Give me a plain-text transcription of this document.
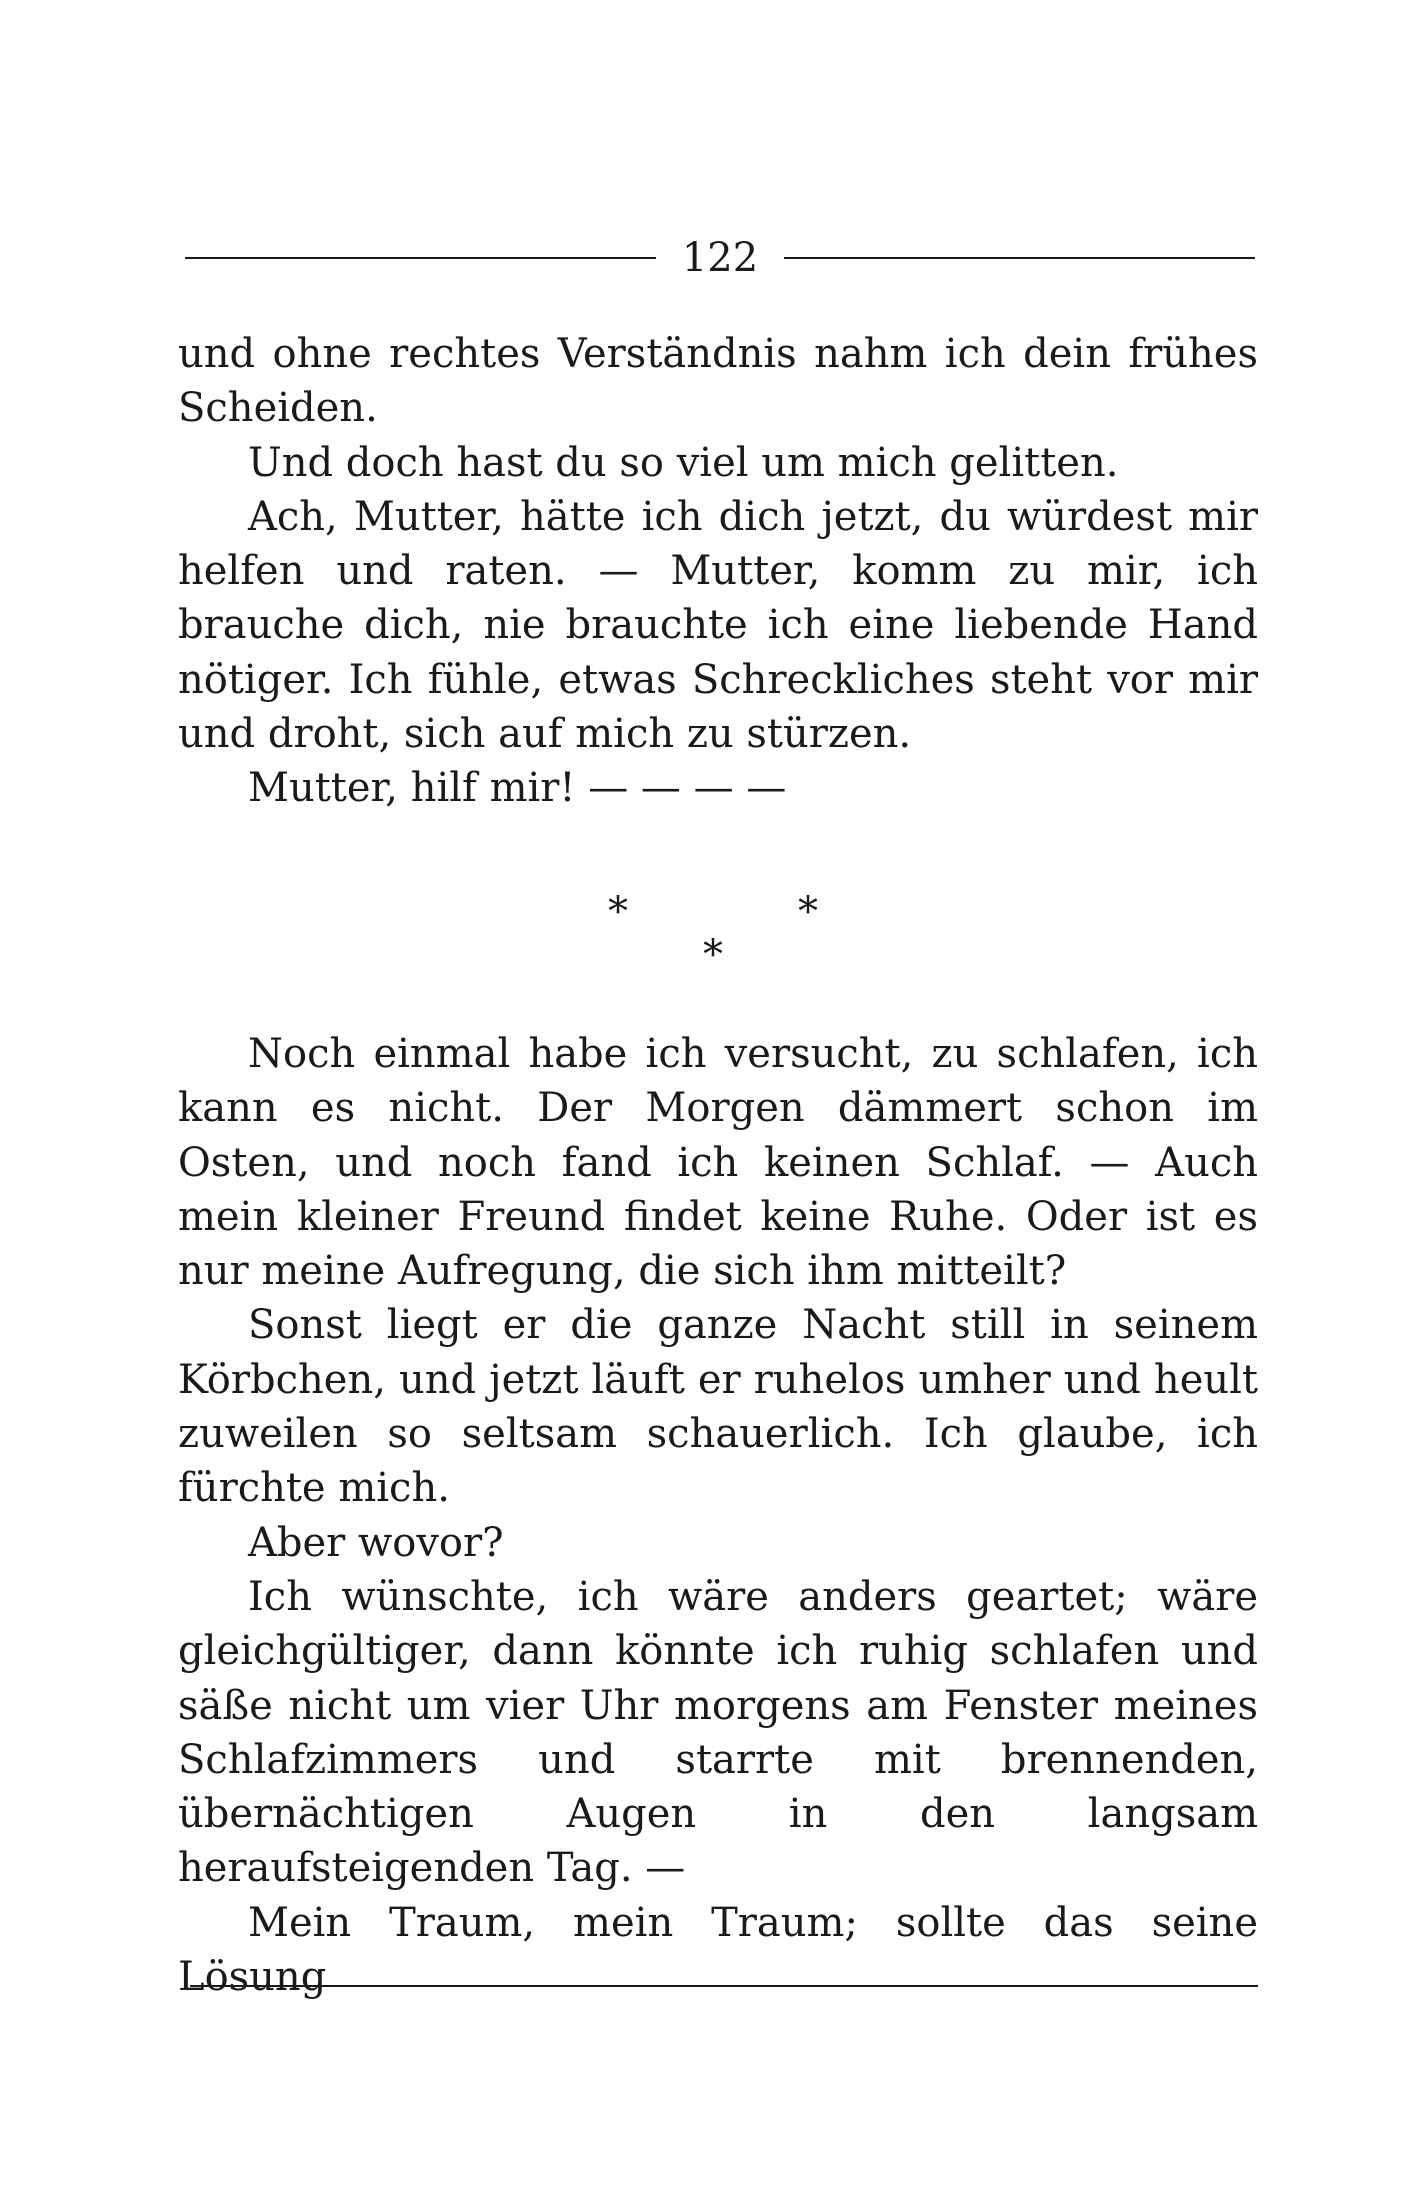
122

und ohne rechtes Verständnis nahm ich dein frühes Scheiden.

Und doch hast du so viel um mich gelitten.

Ach, Mutter, hätte ich dich jetzt, du würdest mir helfen und raten. — Mutter, komm zu mir, ich brauche dich, nie brauchte ich eine liebende Hand nötiger. Ich fühle, etwas Schreckliches steht vor mir und droht, sich auf mich zu stürzen.

Mutter, hilf mir! — — — —

*	*
*

Noch einmal habe ich versucht, zu schlafen, ich kann es nicht. Der Morgen dämmert schon im Osten, und noch fand ich keinen Schlaf. — Auch mein kleiner Freund findet keine Ruhe. Oder ist es nur meine Aufregung, die sich ihm mitteilt?

Sonst liegt er die ganze Nacht still in seinem Körbchen, und jetzt läuft er ruhelos umher und heult zuweilen so seltsam schauerlich. Ich glaube, ich fürchte mich.

Aber wovor?

Ich wünschte, ich wäre anders geartet; wäre gleichgültiger, dann könnte ich ruhig schlafen und säße nicht um vier Uhr morgens am Fenster meines Schlafzimmers und starrte mit brennenden, übernächtigen Augen in den langsam heraufsteigenden Tag. —

Mein Traum, mein Traum; sollte das seine Lösung
